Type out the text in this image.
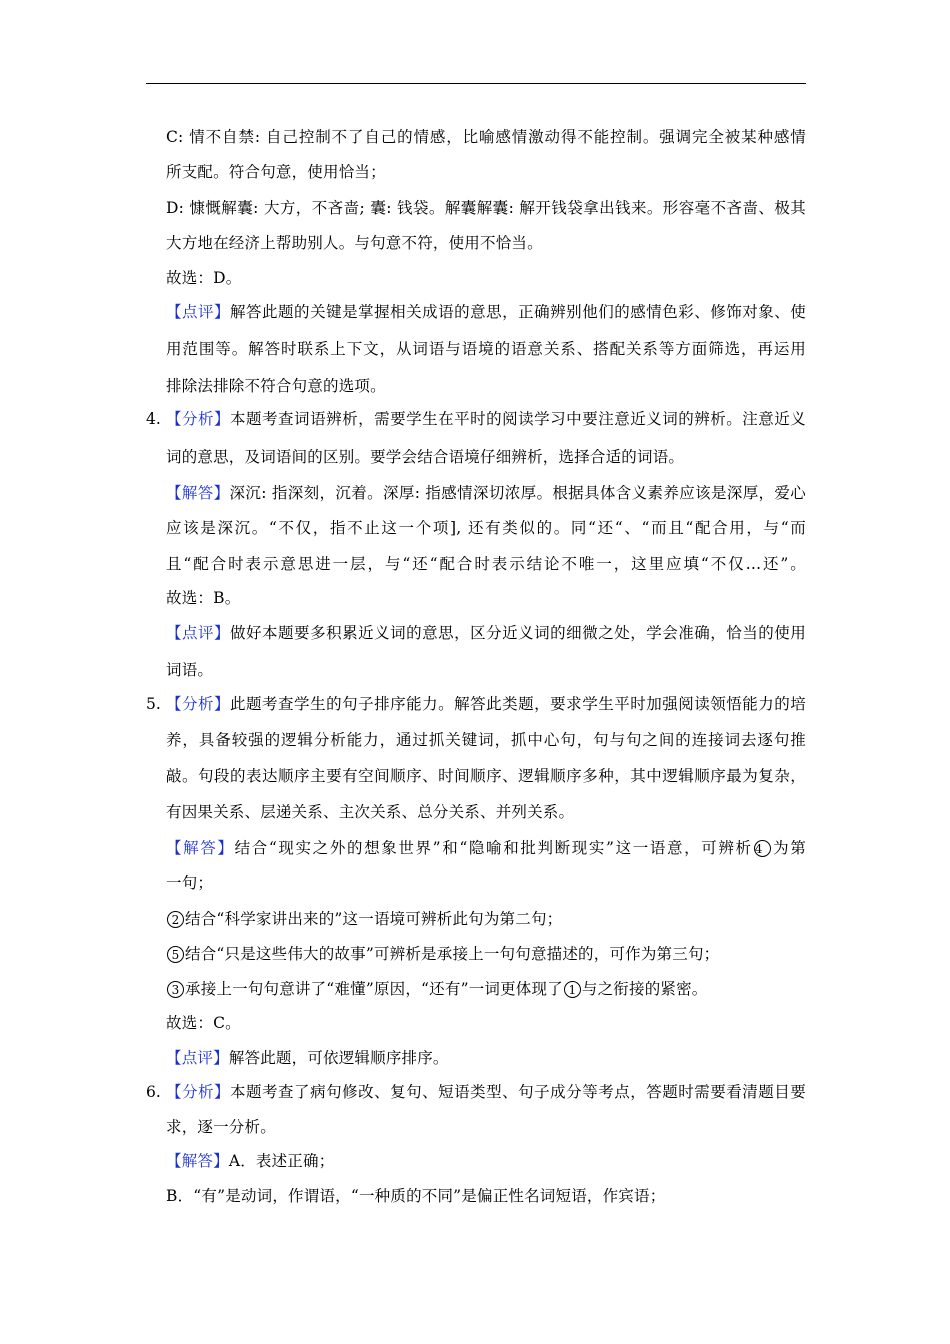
C: 情不自禁: 自己控制不了自己的情感，比喻感情激动得不能控制。强调完全被某种感情
所支配。符合句意，使用恰当；
D: 慷慨解囊: 大方，不吝啬; 囊: 钱袋。解囊解囊: 解开钱袋拿出钱来。形容毫不吝啬、极其
大方地在经济上帮助别人。与句意不符，使用不恰当。
故选：D。
【点评】解答此题的关键是掌握相关成语的意思，正确辨别他们的感情色彩、修饰对象、使
用范围等。解答时联系上下文，从词语与语境的语意关系、搭配关系等方面筛选，再运用
排除法排除不符合句意的选项。
4. 【分析】本题考查词语辨析，需要学生在平时的阅读学习中要注意近义词的辨析。注意近义
词的意思，及词语间的区别。要学会结合语境仔细辨析，选择合适的词语。
【解答】深沉: 指深刻，沉着。深厚: 指感情深切浓厚。根据具体含义素养应该是深厚，爱心
应该是深沉。“不仅，指不止这一个项], 还有类似的。同“还“、“而且“配合用，与“而
且“配合时表示意思进一层，与“还“配合时表示结论不唯一，这里应填“不仅…还”。
故选：B。
【点评】做好本题要多积累近义词的意思，区分近义词的细微之处，学会准确，恰当的使用
词语。
5. 【分析】此题考查学生的句子排序能力。解答此类题，要求学生平时加强阅读领悟能力的培
养，具备较强的逻辑分析能力，通过抓关键词，抓中心句，句与句之间的连接词去逐句推
敲。句段的表达顺序主要有空间顺序、时间顺序、逻辑顺序多种，其中逻辑顺序最为复杂，
有因果关系、层递关系、主次关系、总分关系、并列关系。
【解答】结合“现实之外的想象世界”和“隐喻和批判断现实”这一语意，可辨析 4 为第
一句；
2 结合“科学家讲出来的”这一语境可辨析此句为第二句；
5 结合“只是这些伟大的故事”可辨析是承接上一句句意描述的，可作为第三句；
3 承接上一句句意讲了“难懂”原因，“还有”一词更体现了 1 与之衔接的紧密。
故选：C。
【点评】解答此题，可依逻辑顺序排序。
6. 【分析】本题考查了病句修改、复句、短语类型、句子成分等考点，答题时需要看清题目要
求，逐一分析。
【解答】A．表述正确；
B．“有”是动词，作谓语，“一种质的不同”是偏正性名词短语，作宾语；
